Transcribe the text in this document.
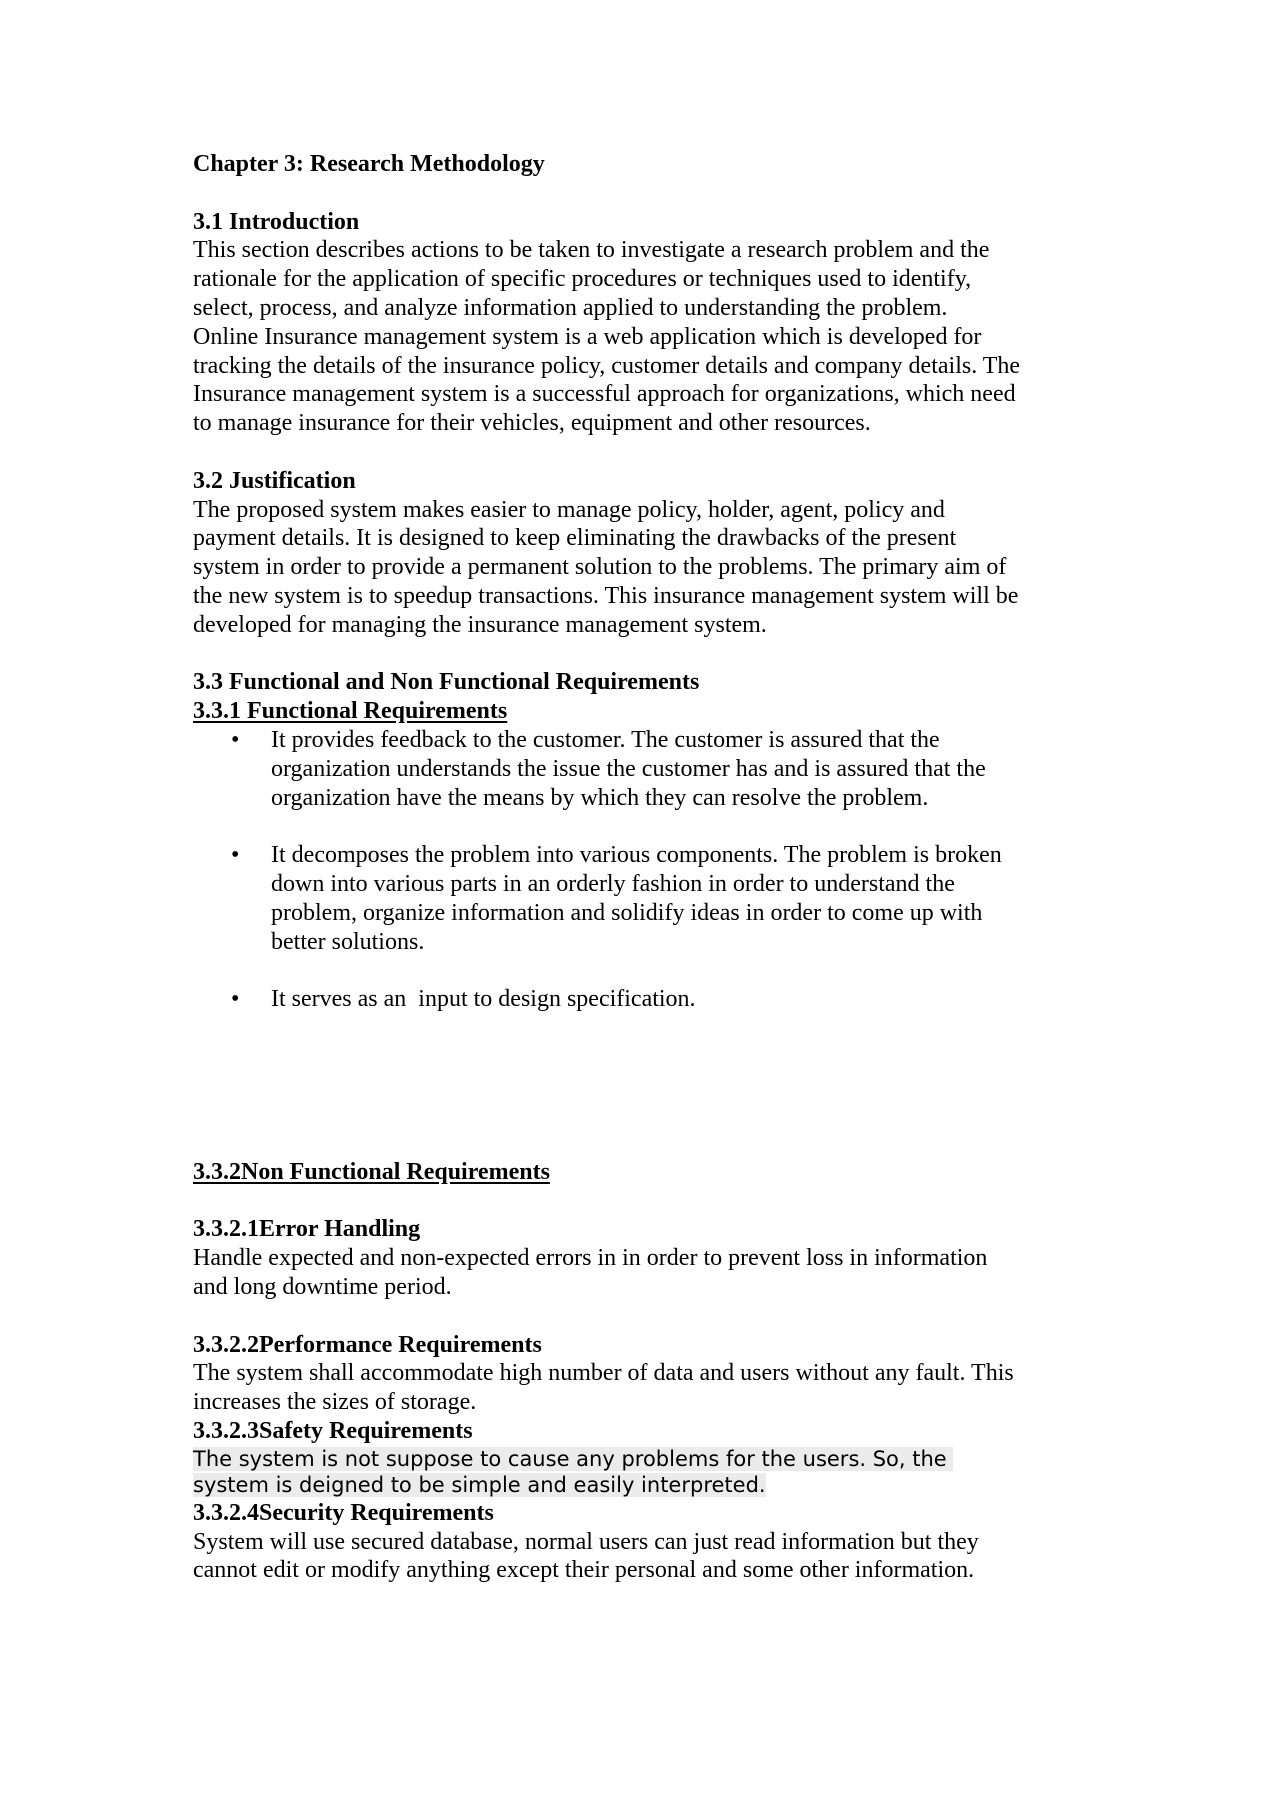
Chapter 3: Research Methodology

3.1 Introduction

This section describes actions to be taken to investigate a research problem and the

rationale for the application of specific procedures or techniques used to identify,

select, process, and analyze information applied to understanding the problem.

Online Insurance management system is a web application which is developed for

tracking the details of the insurance policy, customer details and company details. The

Insurance management system is a successful approach for organizations, which need

to manage insurance for their vehicles, equipment and other resources.

3.2 Justification

The proposed system makes easier to manage policy, holder, agent, policy and

payment details. It is designed to keep eliminating the drawbacks of the present

system in order to provide a permanent solution to the problems. The primary aim of

the new system is to speedup transactions. This insurance management system will be

developed for managing the insurance management system.

3.3 Functional and Non Functional Requirements

3.3.1 Functional Requirements

• It provides feedback to the customer. The customer is assured that the
organization understands the issue the customer has and is assured that the
organization have the means by which they can resolve the problem.
• It decomposes the problem into various components. The problem is broken
down into various parts in an orderly fashion in order to understand the
problem, organize information and solidify ideas in order to come up with
better solutions.
• It serves as an  input to design specification.

3.3.2Non Functional Requirements

3.3.2.1Error Handling

Handle expected and non-expected errors in in order to prevent loss in information

and long downtime period.

3.3.2.2Performance Requirements

The system shall accommodate high number of data and users without any fault. This

increases the sizes of storage.

3.3.2.3Safety Requirements

The system is not suppose to cause any problems for the users. So, the

system is deigned to be simple and easily interpreted.

3.3.2.4Security Requirements

System will use secured database, normal users can just read information but they

cannot edit or modify anything except their personal and some other information.
